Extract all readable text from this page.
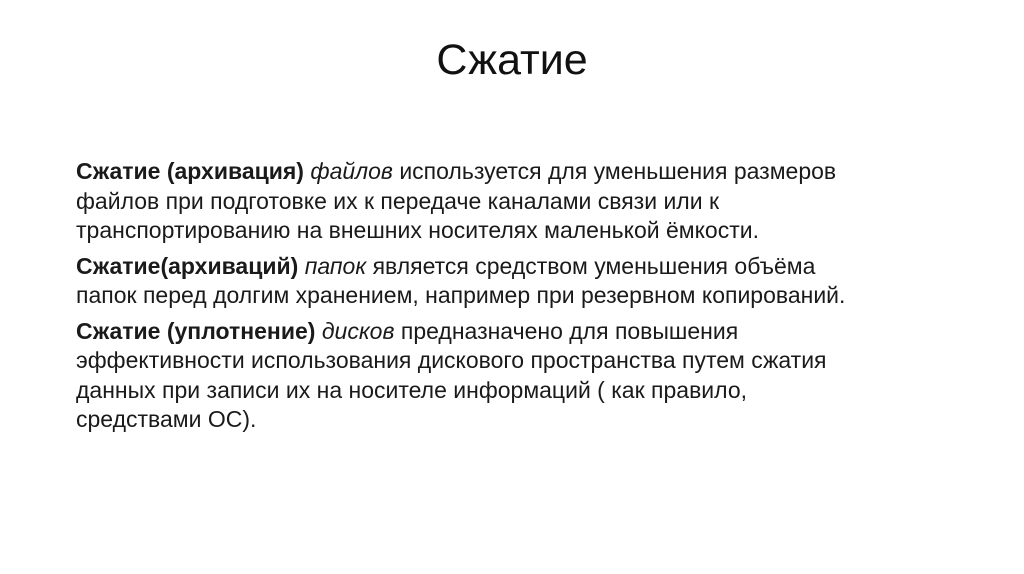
Сжатие

Сжатие (архивация) файлов используется для уменьшения размеров файлов при подготовке их к передаче каналами связи или к транспортированию на внешних носителях маленькой ёмкости.

Сжатие(архиваций) папок является средством уменьшения объёма папок перед долгим хранением, например при резервном копирований.

Сжатие (уплотнение) дисков предназначено для повышения эффективности использования дискового пространства путем сжатия данных при записи их на носителе информаций ( как правило, средствами ОС).
